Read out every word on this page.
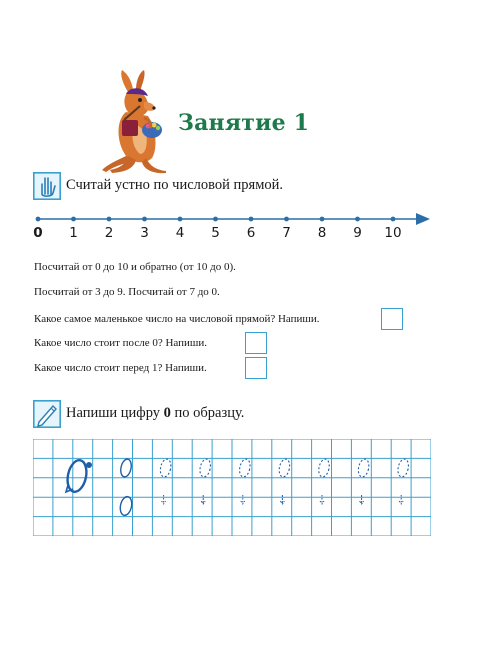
Занятие 1
Считай устно по числовой прямой.
0	1	2	3	4	5	6	7	8	9	10
Посчитай от 0 до 10 и обратно (от 10 до 0).
Посчитай от 3 до 9. Посчитай от 7 до 0.
Какое самое маленькое число на числовой прямой? Напиши.
Какое число стоит после 0? Напиши.
Какое число стоит перед 1? Напиши.
Напиши цифру 0 по образцу.
